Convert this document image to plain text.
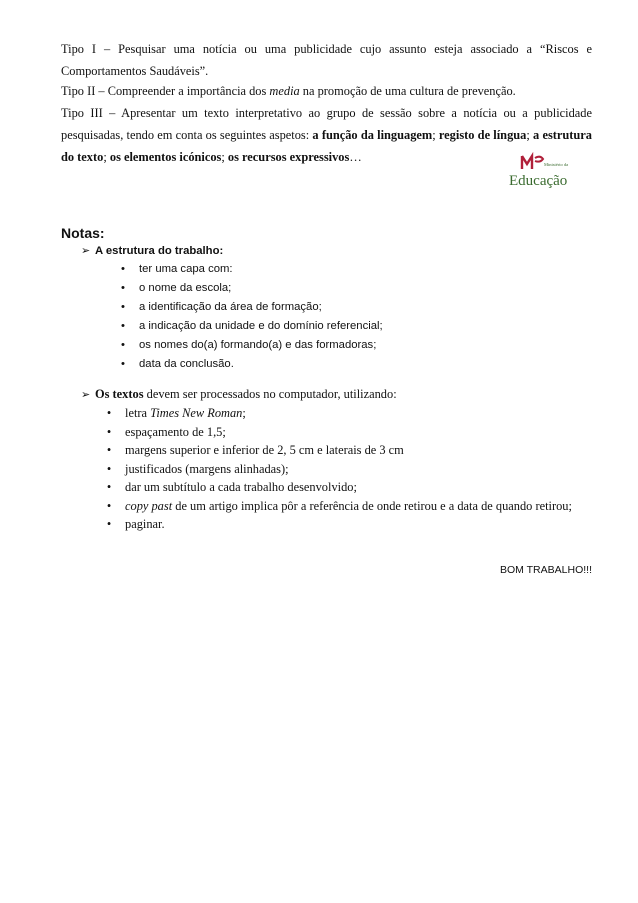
Tipo I – Pesquisar uma notícia ou uma publicidade cujo assunto esteja associado a “Riscos e Comportamentos Saudáveis”.
Tipo II – Compreender a importância dos media na promoção de uma cultura de prevenção.
Tipo III – Apresentar um texto interpretativo ao grupo de sessão sobre a notícia ou a publicidade pesquisadas, tendo em conta os seguintes aspetos: a função da linguagem; registo de língua; a estrutura do texto; os elementos icónicos; os recursos expressivos…
Ministério da
Educação
Notas:
➢ A estrutura do trabalho:
• ter uma capa com:
• o nome da escola;
• a identificação da área de formação;
• a indicação da unidade e do domínio referencial;
• os nomes do(a) formando(a) e das formadoras;
• data da conclusão.
➢ Os textos devem ser processados no computador, utilizando:
• letra Times New Roman;
• espaçamento de 1,5;
• margens superior e inferior de 2, 5 cm e laterais de 3 cm
• justificados (margens alinhadas);
• dar um subtítulo a cada trabalho desenvolvido;
• copy past de um artigo implica pôr a referência de onde retirou e a data de quando retirou;
• paginar.
BOM TRABALHO!!!
